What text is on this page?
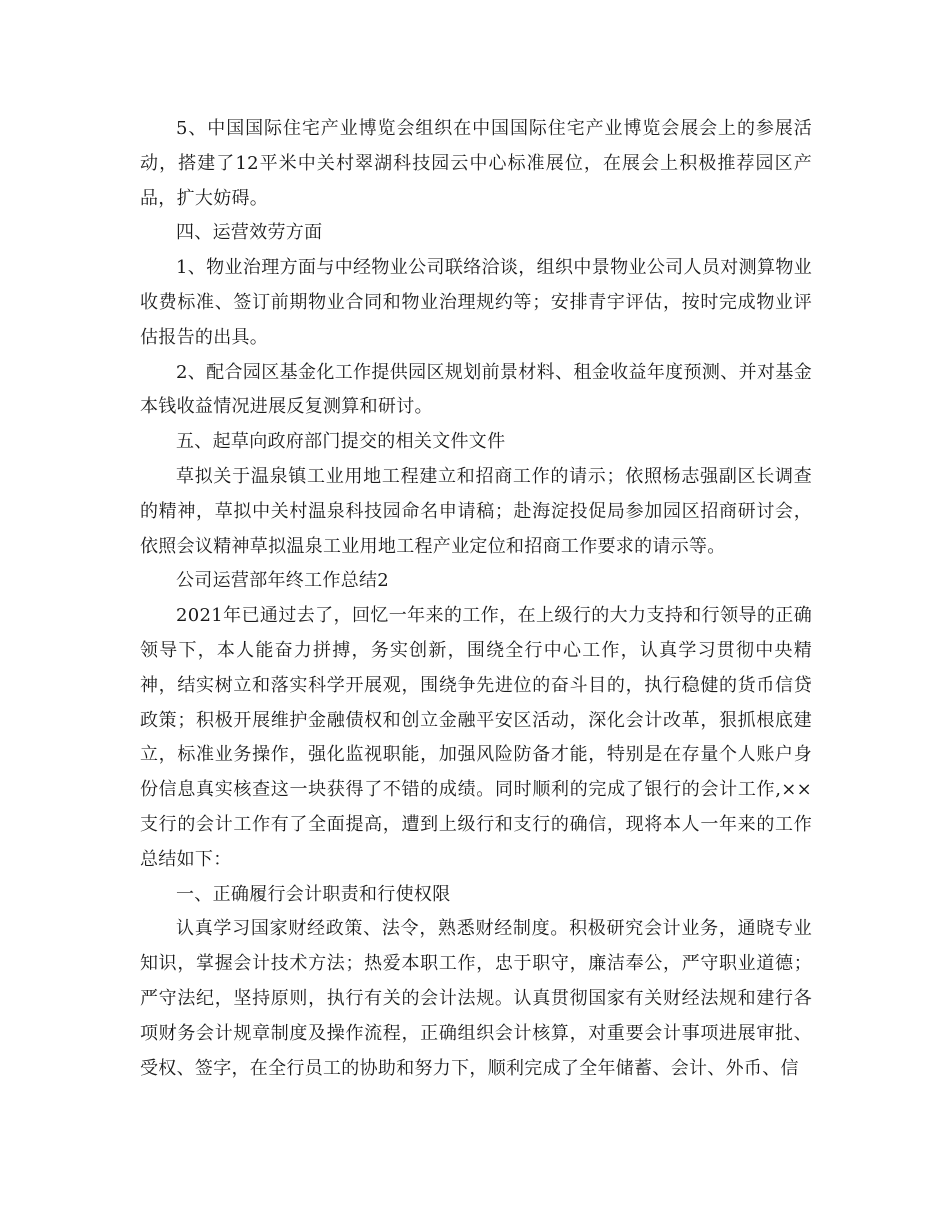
5、中国国际住宅产业博览会组织在中国国际住宅产业博览会展会上的参展活动，搭建了12平米中关村翠湖科技园云中心标准展位，在展会上积极推荐园区产品，扩大妨碍。

四、运营效劳方面

1、物业治理方面与中经物业公司联络洽谈，组织中景物业公司人员对测算物业收费标准、签订前期物业合同和物业治理规约等；安排青宇评估，按时完成物业评估报告的出具。

2、配合园区基金化工作提供园区规划前景材料、租金收益年度预测、并对基金本钱收益情况进展反复测算和研讨。

五、起草向政府部门提交的相关文件文件

草拟关于温泉镇工业用地工程建立和招商工作的请示；依照杨志强副区长调查的精神，草拟中关村温泉科技园命名申请稿；赴海淀投促局参加园区招商研讨会，依照会议精神草拟温泉工业用地工程产业定位和招商工作要求的请示等。

公司运营部年终工作总结2

2021年已通过去了，回忆一年来的工作，在上级行的大力支持和行领导的正确领导下，本人能奋力拼搏，务实创新，围绕全行中心工作，认真学习贯彻中央精神，结实树立和落实科学开展观，围绕争先进位的奋斗目的，执行稳健的货币信贷政策；积极开展维护金融债权和创立金融平安区活动，深化会计改革，狠抓根底建立，标准业务操作，强化监视职能，加强风险防备才能，特别是在存量个人账户身份信息真实核查这一块获得了不错的成绩。同时顺利的完成了银行的会计工作,××支行的会计工作有了全面提高，遭到上级行和支行的确信，现将本人一年来的工作总结如下：

一、正确履行会计职责和行使权限

认真学习国家财经政策、法令，熟悉财经制度。积极研究会计业务，通晓专业知识，掌握会计技术方法；热爱本职工作，忠于职守，廉洁奉公，严守职业道德；严守法纪，坚持原则，执行有关的会计法规。认真贯彻国家有关财经法规和建行各项财务会计规章制度及操作流程，正确组织会计核算，对重要会计事项进展审批、受权、签字，在全行员工的协助和努力下，顺利完成了全年储蓄、会计、外币、信
